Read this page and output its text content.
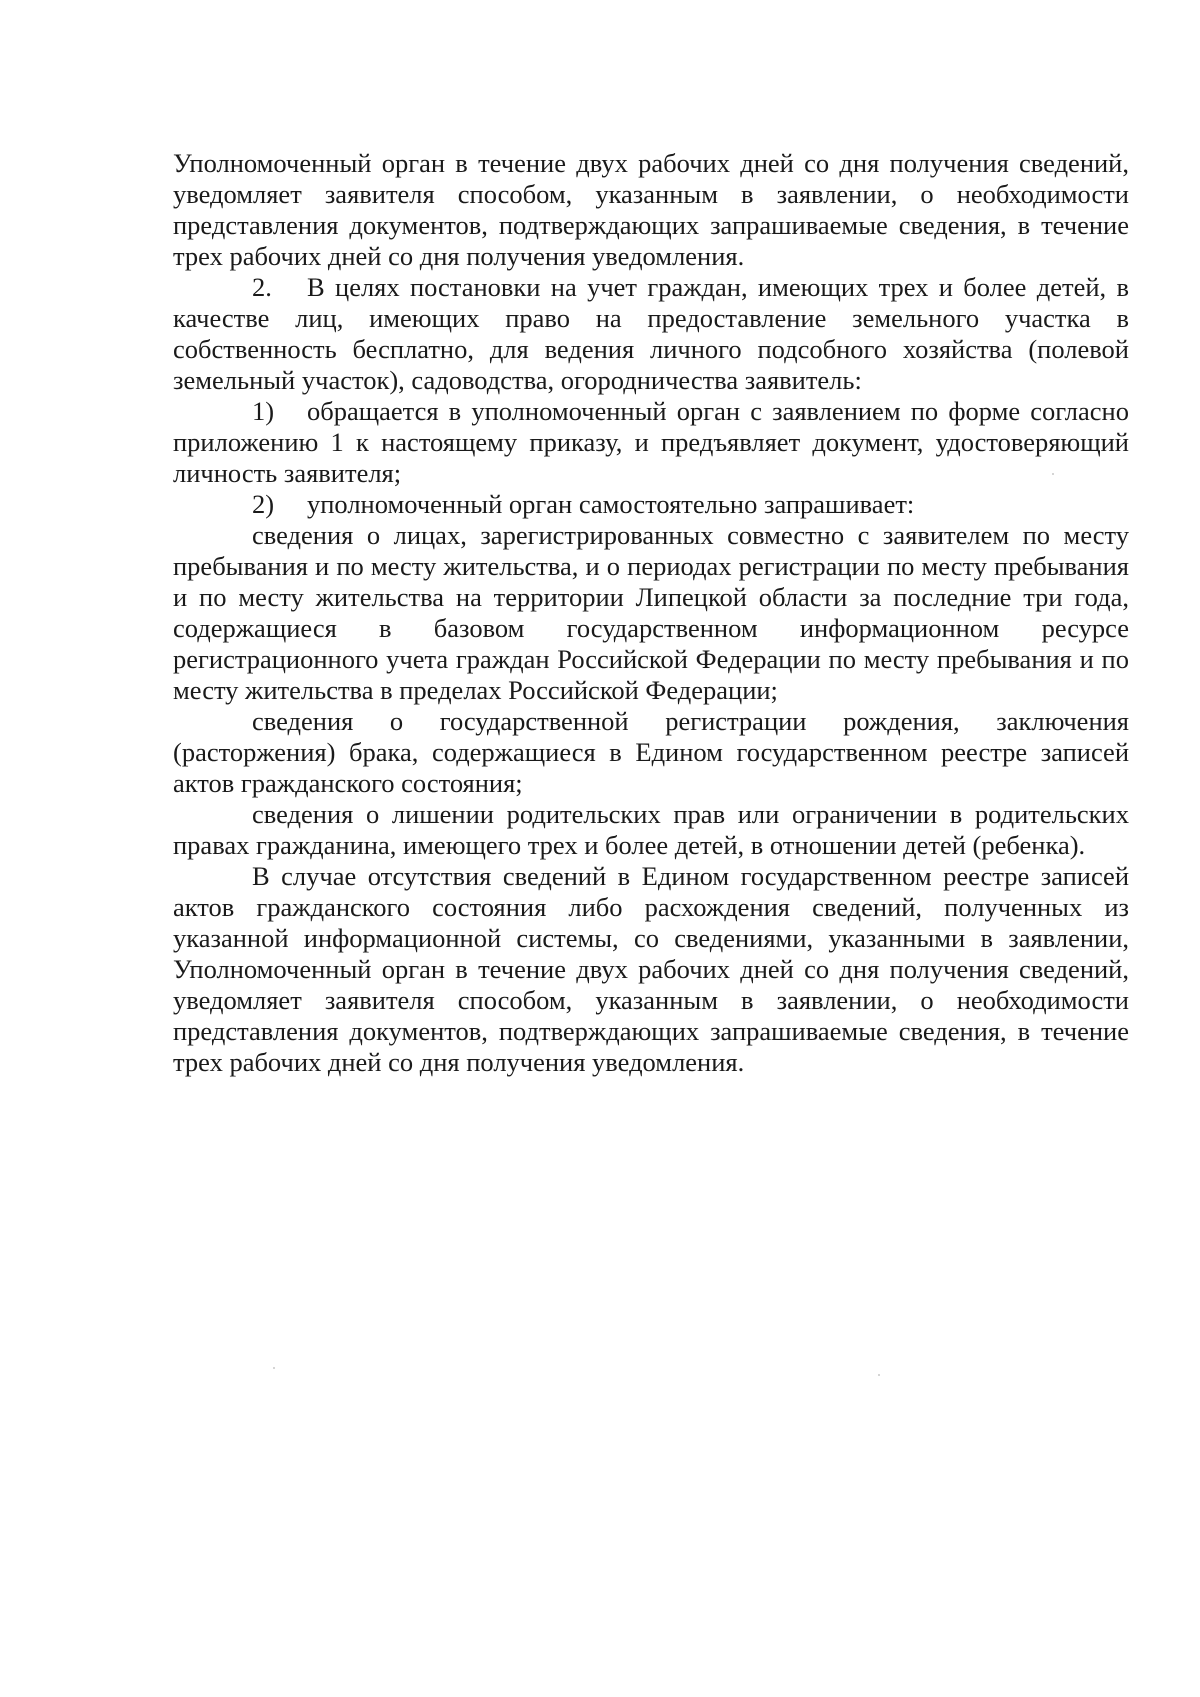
Уполномоченный орган в течение двух рабочих дней со дня получения сведений, уведомляет заявителя способом, указанным в заявлении, о необходимости представления документов, подтверждающих запрашиваемые сведения, в течение трех рабочих дней со дня получения уведомления.

2. В целях постановки на учет граждан, имеющих трех и более детей, в качестве лиц, имеющих право на предоставление земельного участка в собственность бесплатно, для ведения личного подсобного хозяйства (полевой земельный участок), садоводства, огородничества заявитель:

1) обращается в уполномоченный орган с заявлением по форме согласно приложению 1 к настоящему приказу, и предъявляет документ, удостоверяющий личность заявителя;

2) уполномоченный орган самостоятельно запрашивает:

сведения о лицах, зарегистрированных совместно с заявителем по месту пребывания и по месту жительства, и о периодах регистрации по месту пребывания и по месту жительства на территории Липецкой области за последние три года, содержащиеся в базовом государственном информационном ресурсе регистрационного учета граждан Российской Федерации по месту пребывания и по месту жительства в пределах Российской Федерации;

сведения о государственной регистрации рождения, заключения (расторжения) брака, содержащиеся в Едином государственном реестре записей актов гражданского состояния;

сведения о лишении родительских прав или ограничении в родительских правах гражданина, имеющего трех и более детей, в отношении детей (ребенка).

В случае отсутствия сведений в Едином государственном реестре записей актов гражданского состояния либо расхождения сведений, полученных из указанной информационной системы, со сведениями, указанными в заявлении, Уполномоченный орган в течение двух рабочих дней со дня получения сведений, уведомляет заявителя способом, указанным в заявлении, о необходимости представления документов, подтверждающих запрашиваемые сведения, в течение трех рабочих дней со дня получения уведомления.
